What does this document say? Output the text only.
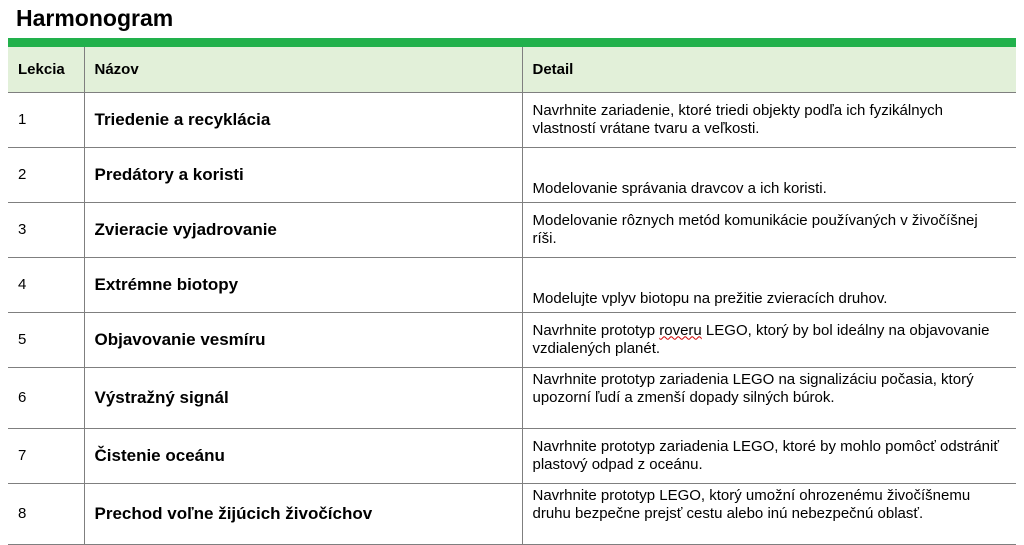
Harmonogram
Lekcia	Názov	Detail
1	Triedenie a recyklácia	Navrhnite zariadenie, ktoré triedi objekty podľa ich fyzikálnych vlastností vrátane tvaru a veľkosti.
2	Predátory a koristi	Modelovanie správania dravcov a ich koristi.
3	Zvieracie vyjadrovanie	Modelovanie rôznych metód komunikácie používaných v živočíšnej ríši.
4	Extrémne biotopy	Modelujte vplyv biotopu na prežitie zvieracích druhov.
5	Objavovanie vesmíru	Navrhnite prototyp roveru LEGO, ktorý by bol ideálny na objavovanie vzdialených planét.
6	Výstražný signál	Navrhnite prototyp zariadenia LEGO na signalizáciu počasia, ktorý upozorní ľudí a zmenší dopady silných búrok.
7	Čistenie oceánu	Navrhnite prototyp zariadenia LEGO, ktoré by mohlo pomôcť odstrániť plastový odpad z oceánu.
8	Prechod voľne žijúcich živočíchov	Navrhnite prototyp LEGO, ktorý umožní ohrozenému živočíšnemu druhu bezpečne prejsť cestu alebo inú nebezpečnú oblasť.
